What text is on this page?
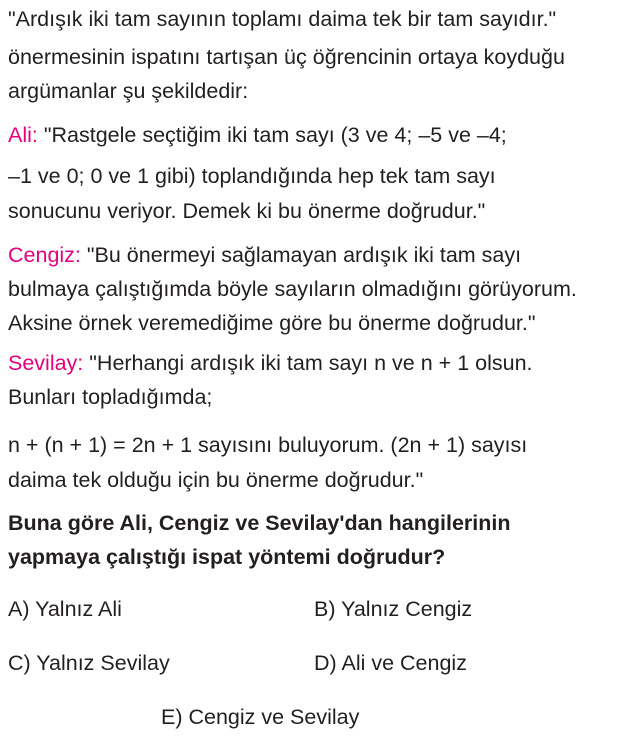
"Ardışık iki tam sayının toplamı daima tek bir tam sayıdır."
önermesinin ispatını tartışan üç öğrencinin ortaya koyduğu
argümanlar şu şekildedir:
Ali: "Rastgele seçtiğim iki tam sayı (3 ve 4; –5 ve –4;
–1 ve 0; 0 ve 1 gibi) toplandığında hep tek tam sayı
sonucunu veriyor. Demek ki bu önerme doğrudur."
Cengiz: "Bu önermeyi sağlamayan ardışık iki tam sayı
bulmaya çalıştığımda böyle sayıların olmadığını görüyorum.
Aksine örnek veremediğime göre bu önerme doğrudur."
Sevilay: "Herhangi ardışık iki tam sayı n ve n + 1 olsun.
Bunları topladığımda;
n + (n + 1) = 2n + 1 sayısını buluyorum. (2n + 1) sayısı
daima tek olduğu için bu önerme doğrudur."
Buna göre Ali, Cengiz ve Sevilay'dan hangilerinin
yapmaya çalıştığı ispat yöntemi doğrudur?
A) Yalnız Ali	B) Yalnız Cengiz
C) Yalnız Sevilay	D) Ali ve Cengiz
E) Cengiz ve Sevilay
